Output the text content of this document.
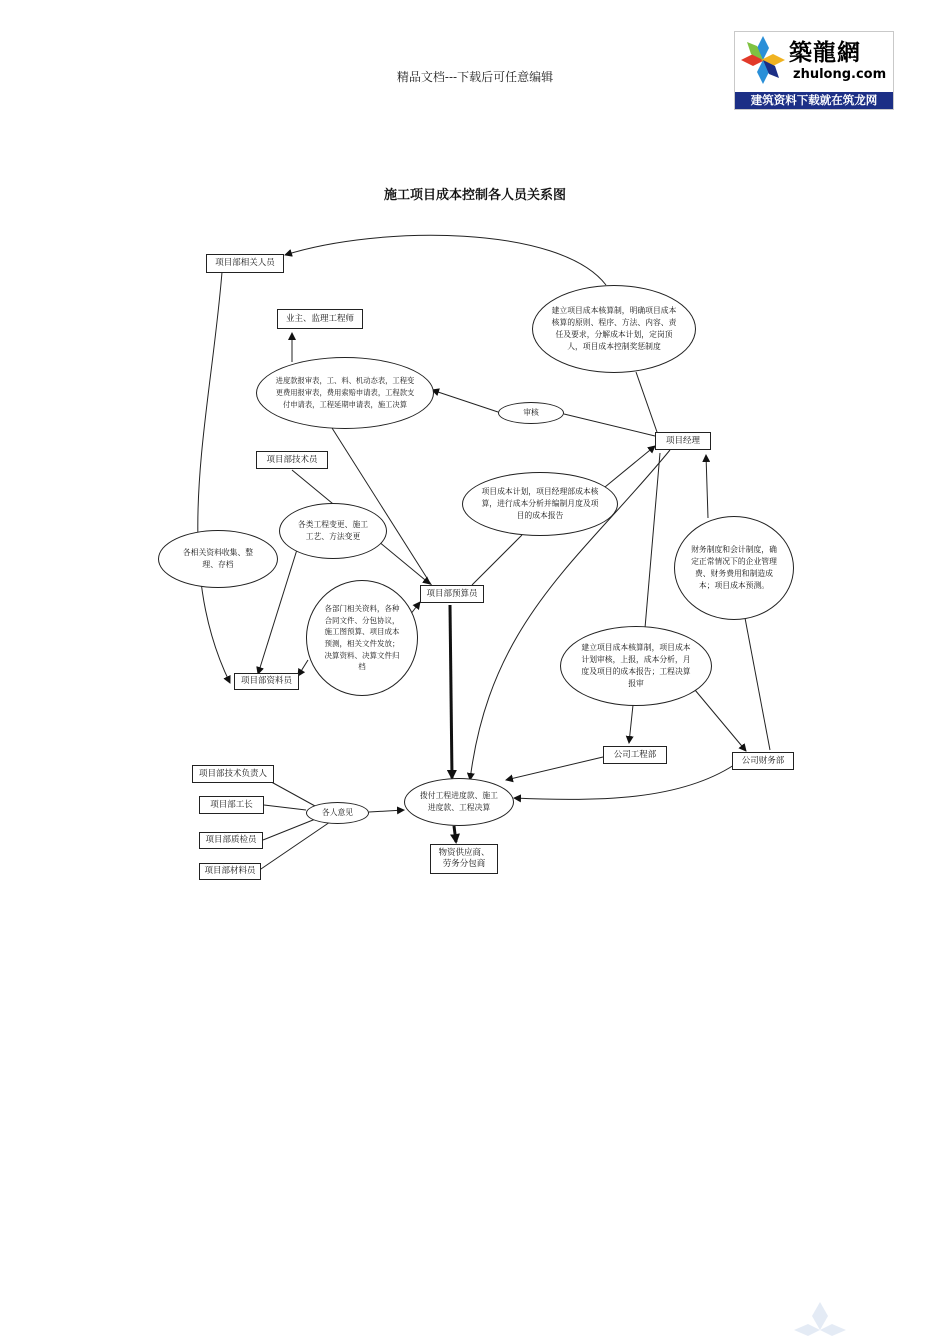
精品文档---下载后可任意编辑
築龍網
zhulong.com
建筑资料下载就在筑龙网
施工项目成本控制各人员关系图
项目部相关人员
业主、监理工程师
项目部技术员
项目经理
项目部预算员
项目部资料员
公司工程部
公司财务部
项目部技术负责人
项目部工长
项目部质检员
项目部材料员
物资供应商、劳务分包商
建立项目成本核算制，明确项目成本核算的原则、程序、方法、内容、责任及要求，分解成本计划，定岗顶人，项目成本控制奖惩制度
进度款报审表，工、料、机动态表，工程变更费用报审表，费用索赔申请表，工程款支付申请表，工程延期申请表，施工决算
审核
项目成本计划，项目经理部成本核算，进行成本分析并编制月度及项目的成本报告
各类工程变更、施工工艺、方法变更
各相关资料收集、整理、存档
各部门相关资料，各种合同文件、分包协议，施工图预算、项目成本预测，相关文件发放；决算资料、决算文件归档
财务制度和会计制度，确定正常情况下的企业管理费、财务费用和制造成本；项目成本预测。
建立项目成本核算制，项目成本计划审核，上报，成本分析，月度及项目的成本报告；工程决算报审
各人意见
拨付工程进度款、施工进度款、工程决算
